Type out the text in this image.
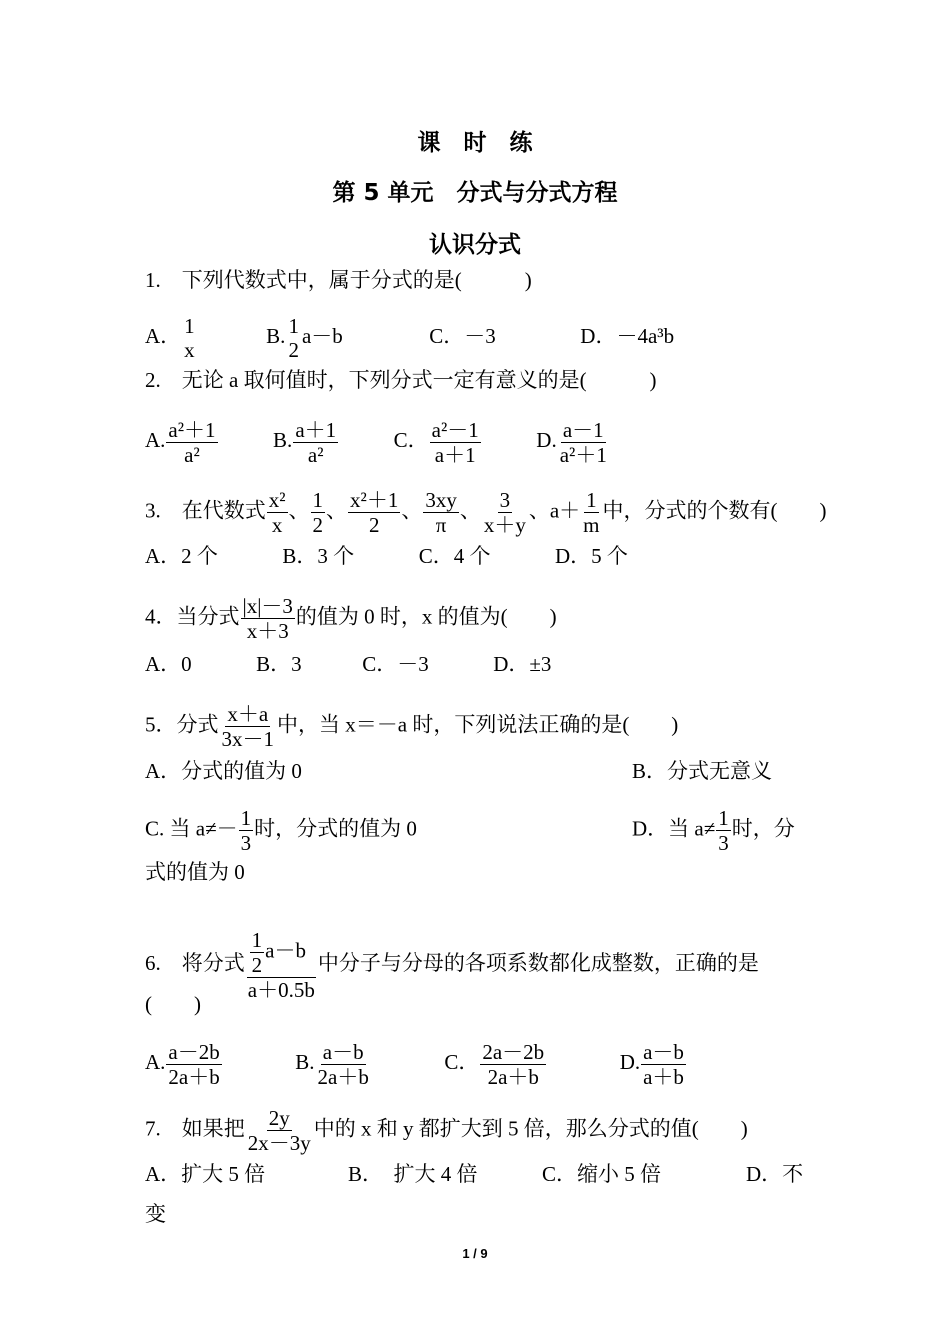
课　时　练
第 5 单元　分式与分式方程
认识分式
1.　下列代数式中，属于分式的是(　　　)
A． 1
x
B. 1
2
a－b	C．－3	D．－4a³b
2.　无论 a 取何值时，下列分式一定有意义的是(　　　)
A. $\frac{\text{a²＋1}}{\text{a²}}$	B. $\frac{a+1}{\text{a²}}$	C． $\frac{\text{a²－1}}{a+1}$	D. $\frac{a-1}{\text{a²＋1}}$
3.　在代数式 $\frac{\text{x²}}{x}$ 、 $\frac{1}{2}$ 、 $\frac{\text{x²＋1}}{2}$ 、 $\frac{3xy}{\pi}$ 、 $\frac{3}{x+y}$ 、$a+ \frac{1}{m}$ 中，分式的个数有(　　)
A．2 个	B．3 个	C．4 个	D．5 个
4．当分式 $\frac{|x|-3}{x+3}$ 的值为 0 时，x 的值为(　　)
A．0	B．3	C．－3	D．±3
5．分式 $\frac{x+a}{3x-1}$ 中，当 x＝－a 时，下列说法正确的是(　　)
A．分式的值为 0	B．分式无意义
C. 当 $a\ne- \frac{1}{3}$ 时，分式的值为 0	D．当 $a\ne \frac{1}{3}$ 时，分
式的值为 0
6.　将分式 $\frac{\frac{1}{2} a-b}{a+0.5b}$ 中分子与分母的各项系数都化成整数，正确的是
(　　)
A. $\frac{a-2b}{2a+b}$	B. $\frac{a-b}{2a+b}$	C． $\frac{2a-2b}{2a+b}$	D. $\frac{a-b}{a+b}$
7.　如果把 $\frac{2y}{2x-3y}$ 中的 x 和 y 都扩大到 5 倍，那么分式的值(　　)
A．扩大 5 倍	B．　扩大 4 倍	C．缩小 5 倍	D．不
变
1 / 9
